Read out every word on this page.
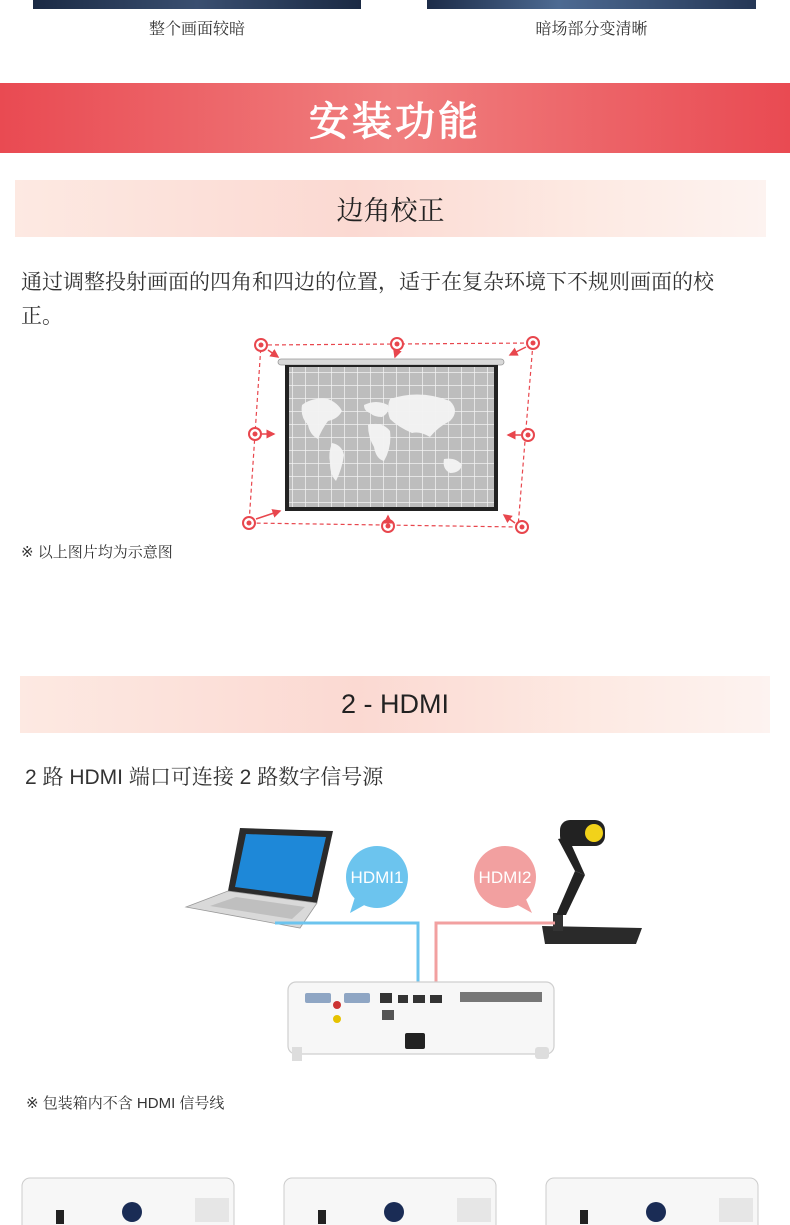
整个画面较暗	暗场部分变清晰
安装功能
边角校正
通过调整投射画面的四角和四边的位置，适于在复杂环境下不规则画面的校正。
※ 以上图片均为示意图
2 - HDMI
2 路 HDMI 端口可连接 2 路数字信号源
HDMI1	HDMI2
※ 包装箱内不含 HDMI 信号线
